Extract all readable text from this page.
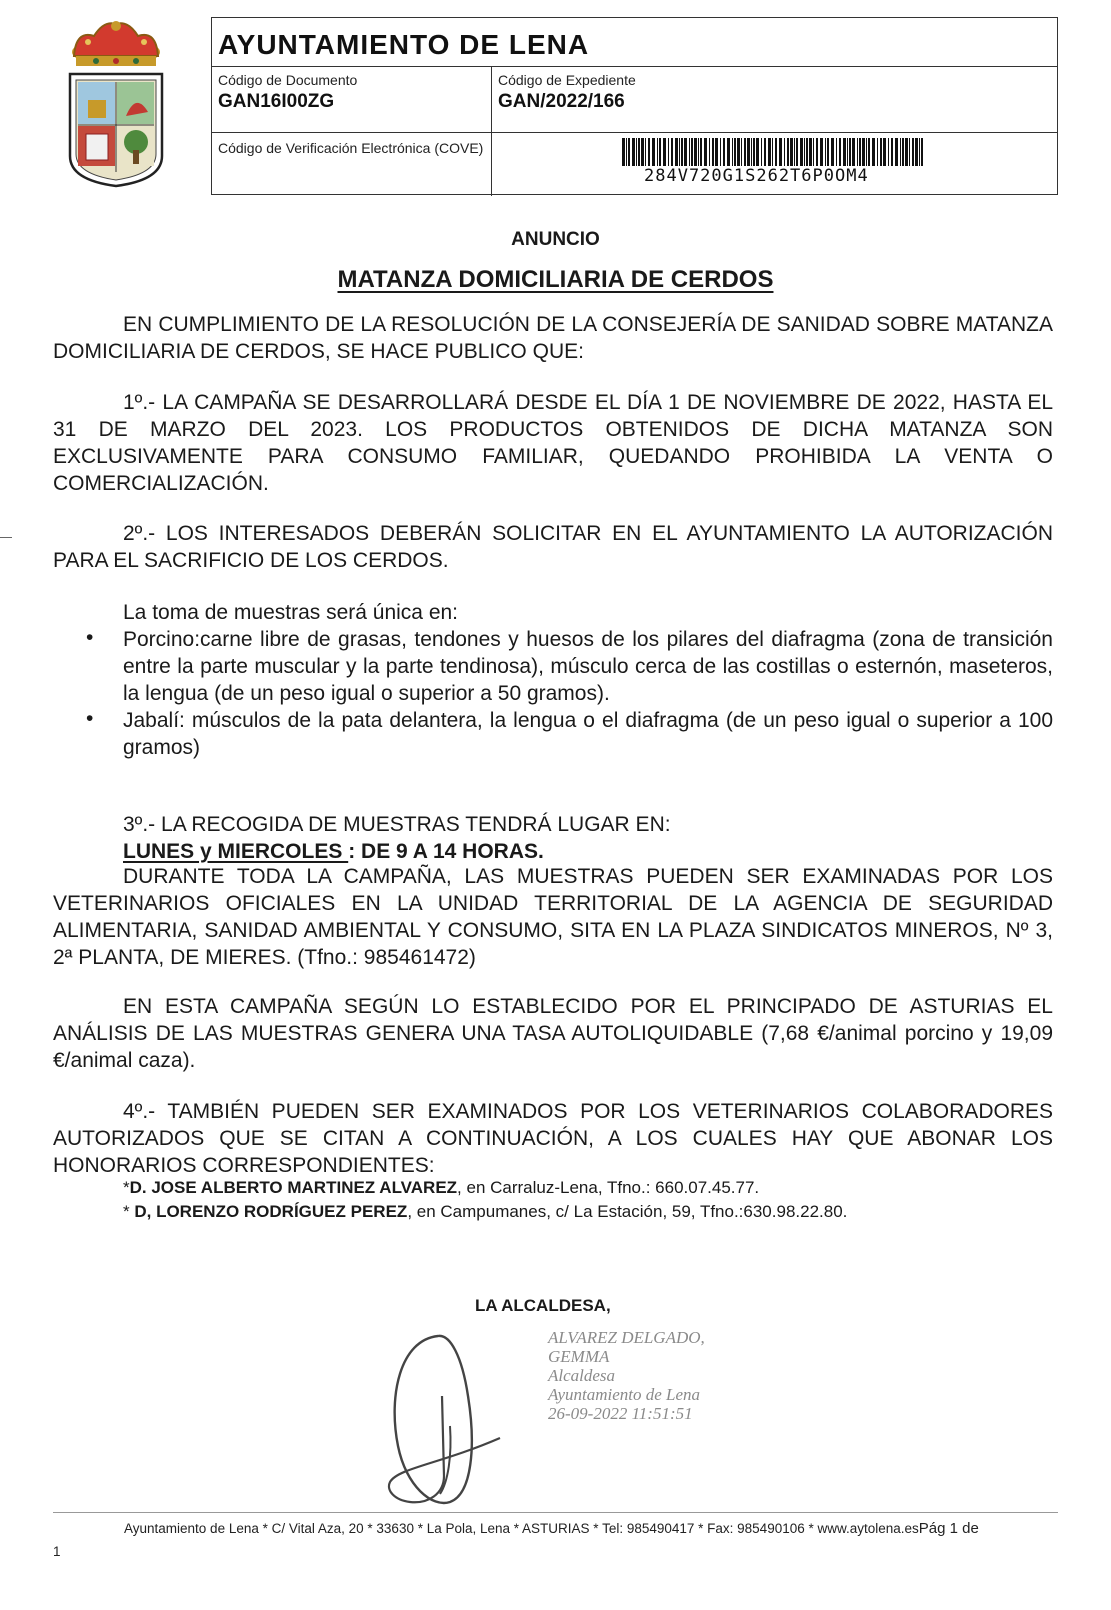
AYUNTAMIENTO DE LENA
Código de Documento
GAN16I00ZG
Código de Expediente
GAN/2022/166
Código de Verificación Electrónica (COVE)
284V720G1S262T6P0OM4
ANUNCIO
MATANZA DOMICILIARIA DE CERDOS
EN CUMPLIMIENTO DE LA RESOLUCIÓN DE LA CONSEJERÍA DE SANIDAD SOBRE MATANZA DOMICILIARIA DE CERDOS, SE HACE PUBLICO QUE:
1º.- LA CAMPAÑA SE DESARROLLARÁ DESDE EL DÍA 1 DE NOVIEMBRE DE 2022, HASTA EL 31 DE MARZO DEL 2023. LOS PRODUCTOS OBTENIDOS DE DICHA MATANZA SON EXCLUSIVAMENTE PARA CONSUMO FAMILIAR, QUEDANDO PROHIBIDA LA VENTA O COMERCIALIZACIÓN.
2º.- LOS INTERESADOS DEBERÁN SOLICITAR EN EL AYUNTAMIENTO LA AUTORIZACIÓN PARA EL SACRIFICIO DE LOS CERDOS.
La toma de muestras será única en:
•	Porcino:carne libre de grasas, tendones y huesos de los pilares del diafragma (zona de transición entre la parte muscular y la parte tendinosa), músculo cerca de las costillas o esternón, maseteros, la lengua (de un peso igual o superior a 50 gramos).
•	Jabalí: músculos de la pata delantera, la lengua o el diafragma (de un peso igual o superior a 100 gramos)
3º.- LA RECOGIDA DE MUESTRAS TENDRÁ LUGAR EN:
LUNES y MIERCOLES : DE 9 A 14 HORAS.
DURANTE TODA LA CAMPAÑA, LAS MUESTRAS PUEDEN SER EXAMINADAS POR LOS VETERINARIOS OFICIALES EN LA UNIDAD TERRITORIAL DE LA AGENCIA DE SEGURIDAD ALIMENTARIA, SANIDAD AMBIENTAL Y CONSUMO, SITA EN LA PLAZA SINDICATOS MINEROS, Nº 3, 2ª PLANTA, DE MIERES. (Tfno.: 985461472)
EN ESTA CAMPAÑA SEGÚN LO ESTABLECIDO POR EL PRINCIPADO DE ASTURIAS EL ANÁLISIS DE LAS MUESTRAS GENERA UNA TASA AUTOLIQUIDABLE (7,68 €/animal porcino y 19,09 €/animal caza).
4º.- TAMBIÉN PUEDEN SER EXAMINADOS POR LOS VETERINARIOS COLABORADORES AUTORIZADOS QUE SE CITAN A CONTINUACIÓN, A LOS CUALES HAY QUE ABONAR LOS HONORARIOS CORRESPONDIENTES:
*D. JOSE ALBERTO MARTINEZ ALVAREZ, en Carraluz-Lena, Tfno.: 660.07.45.77.
* D, LORENZO RODRÍGUEZ PEREZ, en Campumanes, c/ La Estación, 59, Tfno.:630.98.22.80.
LA ALCALDESA,
ALVAREZ DELGADO,
GEMMA
Alcaldesa
Ayuntamiento de Lena
26-09-2022 11:51:51
Ayuntamiento de Lena * C/ Vital Aza, 20 * 33630 * La Pola, Lena * ASTURIAS * Tel: 985490417 * Fax: 985490106 * www.aytolena.esPág 1 de
1
